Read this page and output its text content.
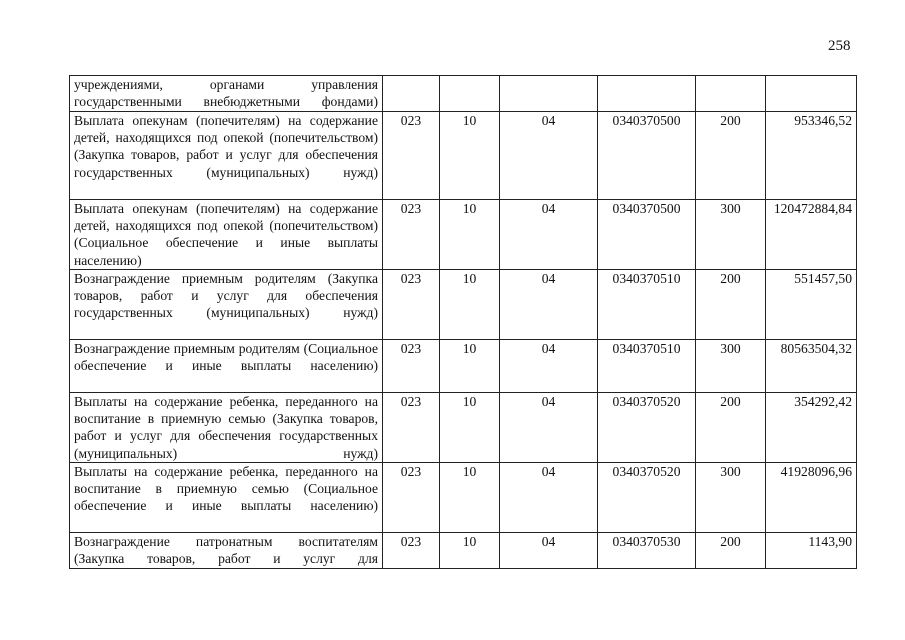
258
учреждениями, органами управления государственными внебюджетными фондами)						
Выплата опекунам (попечителям) на содержание детей, находящихся под опекой (попечительством) (Закупка товаров, работ и услуг для обеспечения государственных (муниципальных) нужд)	023	10	04	0340370500	200	953346,52
Выплата опекунам (попечителям) на содержание детей, находящихся под опекой (попечительством) (Социальное обеспечение и иные выплаты населению)	023	10	04	0340370500	300	120472884,84
Вознаграждение приемным родителям (Закупка товаров, работ и услуг для обеспечения государственных (муниципальных) нужд)	023	10	04	0340370510	200	551457,50
Вознаграждение приемным родителям (Социальное обеспечение и иные выплаты населению)	023	10	04	0340370510	300	80563504,32
Выплаты на содержание ребенка, переданного на воспитание в приемную семью (Закупка товаров, работ и услуг для обеспечения государственных (муниципальных) нужд)	023	10	04	0340370520	200	354292,42
Выплаты на содержание ребенка, переданного на воспитание в приемную семью (Социальное обеспечение и иные выплаты населению)	023	10	04	0340370520	300	41928096,96
Вознаграждение патронатным воспитателям (Закупка товаров, работ и услуг для	023	10	04	0340370530	200	1143,90
